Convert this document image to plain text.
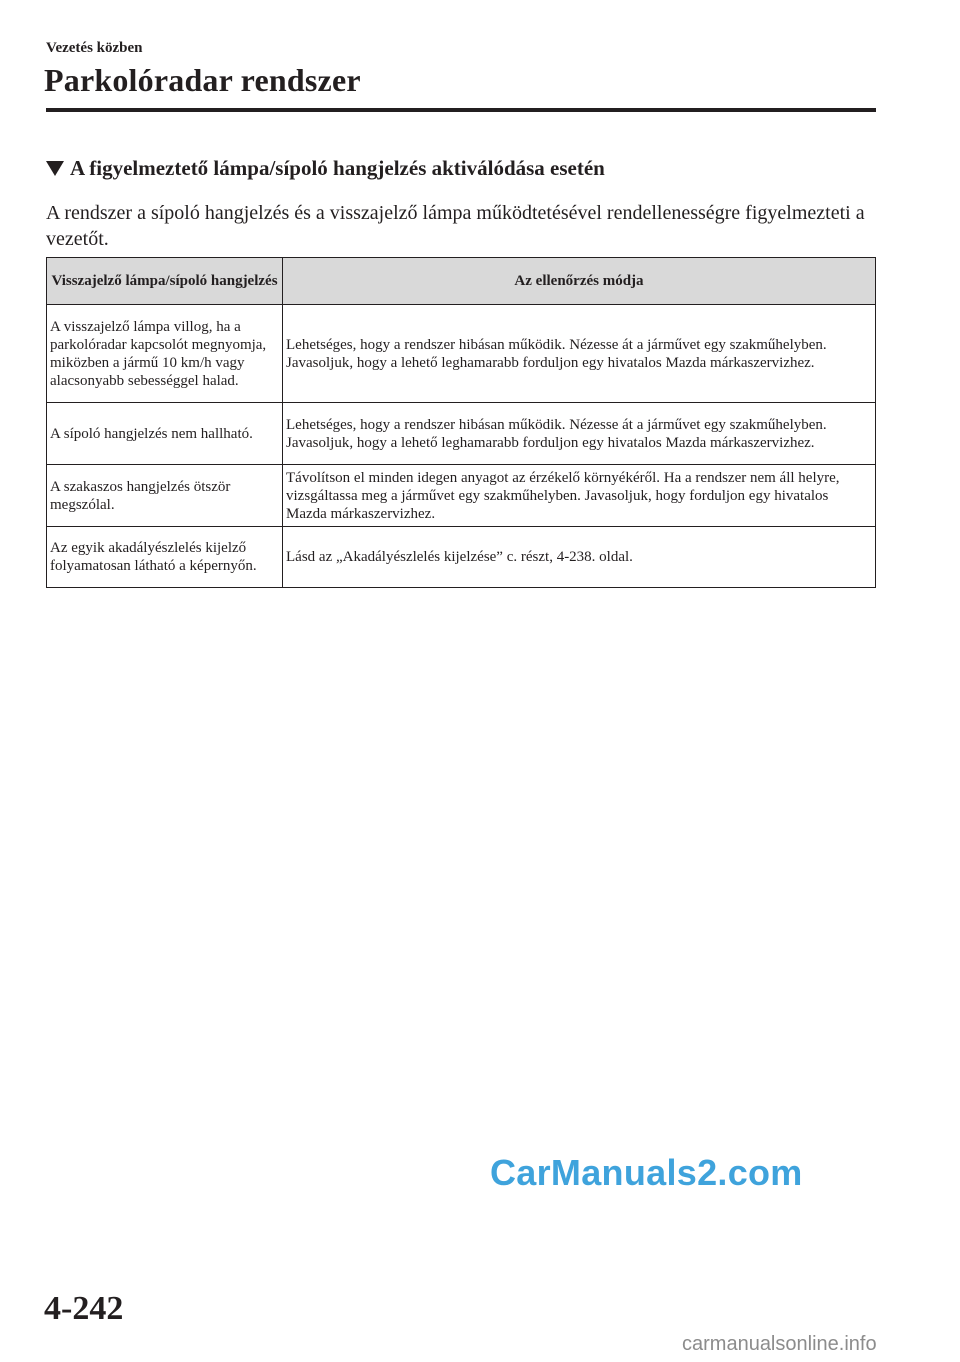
Vezetés közben
Parkolóradar rendszer
A figyelmeztető lámpa/sípoló hangjelzés aktiválódása esetén
A rendszer a sípoló hangjelzés és a visszajelző lámpa működtetésével rendellenességre figyelmezteti a vezetőt.
Visszajelző lámpa/sípoló hangjelzés	Az ellenőrzés módja
A visszajelző lámpa villog, ha a parkolóradar kapcsolót megnyomja, miközben a jármű 10 km/h vagy alacsonyabb sebességgel halad.	Lehetséges, hogy a rendszer hibásan működik. Nézesse át a járművet egy szakműhelyben. Javasoljuk, hogy a lehető leghamarabb forduljon egy hivatalos Mazda márkaszervizhez.
A sípoló hangjelzés nem hallható.	Lehetséges, hogy a rendszer hibásan működik. Nézesse át a járművet egy szakműhelyben. Javasoljuk, hogy a lehető leghamarabb forduljon egy hivatalos Mazda márkaszervizhez.
A szakaszos hangjelzés ötször megszólal.	Távolítson el minden idegen anyagot az érzékelő környékéről. Ha a rendszer nem áll helyre, vizsgáltassa meg a járművet egy szakműhelyben. Javasoljuk, hogy forduljon egy hivatalos Mazda márkaszervizhez.
Az egyik akadályészlelés kijelző folyamatosan látható a képernyőn.	Lásd az „Akadályészlelés kijelzése” c. részt, 4-238. oldal.
CarManuals2.com
4-242
carmanualsonline.info
